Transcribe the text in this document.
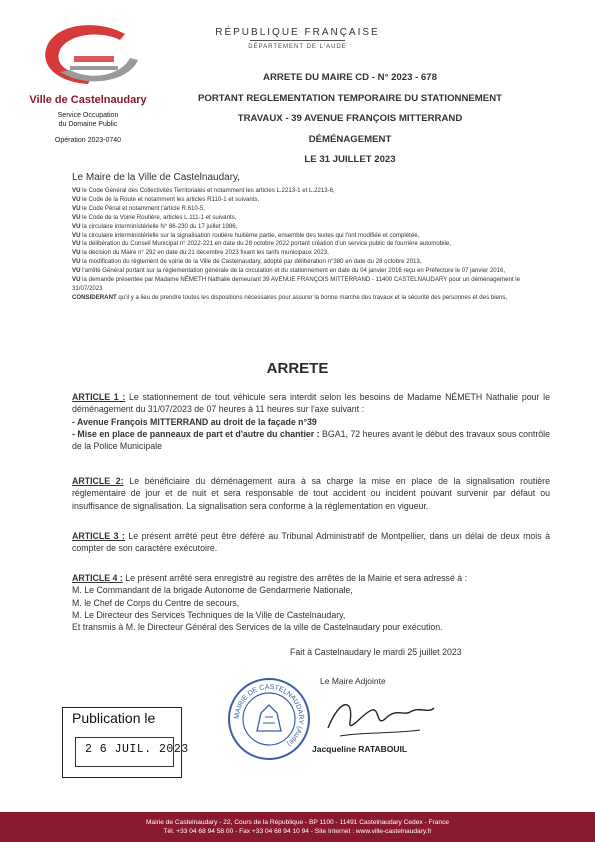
Ville de Castelnaudary
Service Occupation
du Domaine Public
Opération 2023-0740
RÉPUBLIQUE FRANÇAISE
DÉPARTEMENT DE L'AUDE
ARRETE DU MAIRE CD - N° 2023 - 678
PORTANT REGLEMENTATION TEMPORAIRE DU STATIONNEMENT
TRAVAUX - 39 AVENUE FRANÇOIS MITTERRAND
DÉMÉNAGEMENT
LE 31 JUILLET 2023
Le Maire de la Ville de Castelnaudary,

VU le Code Général des Collectivités Territoriales et notamment les articles L.2213-1 et L.2213-6,

VU le Code de la Route et notamment les articles R110-1 et suivants,

VU le Code Pénal et notamment l'article R.610-5,

VU le Code de la Voirie Routière, articles L.111-1 et suivants,

VU la circulaire interministérielle N° 86-230 du 17 juillet 1986,

VU la circulaire interministérielle sur la signalisation routière huitième partie, ensemble des textes qui l'ont modifiée et complétée,

VU la délibération du Conseil Municipal n° 2022-221 en date du 28 octobre 2022 portant création d'un service public de fourrière automobile,

VU la décision du Maire n° 292 en date du 21 décembre 2023 fixant les tarifs municipaux 2023,

VU la modification du règlement de voirie de la Ville de Castelnaudary, adopté par délibération n°380 en date du 28 octobre 2013,

VU l'arrêté Général portant sur la réglementation générale de la circulation et du stationnement en date du 04 janvier 2016 reçu en Préfecture le 07 janvier 2016,

VU la demande présentée par Madame NÉMETH Nathalie demeurant 39 AVENUE FRANÇOIS MITTERRAND - 11400 CASTELNAUDARY pour un déménagement le 31/07/2023

CONSIDERANT qu'il y a lieu de prendre toutes les dispositions nécessaires pour assurer la bonne marche des travaux et la sécurité des personnes et des biens,

ARRETE

ARTICLE 1 : Le stationnement de tout véhicule sera interdit selon les besoins de Madame NÉMETH Nathalie pour le déménagement du 31/07/2023 de 07 heures à 11 heures sur l'axe suivant :

- Avenue François MITTERRAND au droit de la façade n°39

- Mise en place de panneaux de part et d'autre du chantier : BGA1, 72 heures avant le début des travaux sous contrôle de la Police Municipale

ARTICLE 2: Le bénéficiaire du déménagement aura à sa charge la mise en place de la signalisation routière réglementaire de jour et de nuit et sera responsable de tout accident ou incident pouvant survenir par défaut ou insuffisance de signalisation. La signalisation sera conforme à la réglementation en vigueur.

ARTICLE 3 : Le présent arrêté peut être déféré au Tribunal Administratif de Montpellier, dans un délai de deux mois à compter de son caractère exécutoire.

ARTICLE 4 : Le présent arrêté sera enregistré au registre des arrêtés de la Mairie et sera adressé à :

M. Le Commandant de la brigade Autonome de Gendarmerie Nationale,

M. le Chef de Corps du Centre de secours,

M. Le Directeur des Services Techniques de la Ville de Castelnaudary,

Et transmis à M. le Directeur Général des Services de la ville de Castelnaudary pour exécution.

Fait à Castelnaudary le mardi 25 juillet 2023
Le Maire Adjointe
MAIRIE DE CASTELNAUDARY (Aude)
Jacqueline RATABOUIL
Publication le
2 6 JUIL. 2023
Mairie de Castelnaudary - 22, Cours de la République - BP 1100 - 11491 Castelnaudary Cedex - France
Tél. +33 04 68 94 58 00 - Fax +33 04 68 94 10 94 - Site Internet : www.ville-castelnaudary.fr
